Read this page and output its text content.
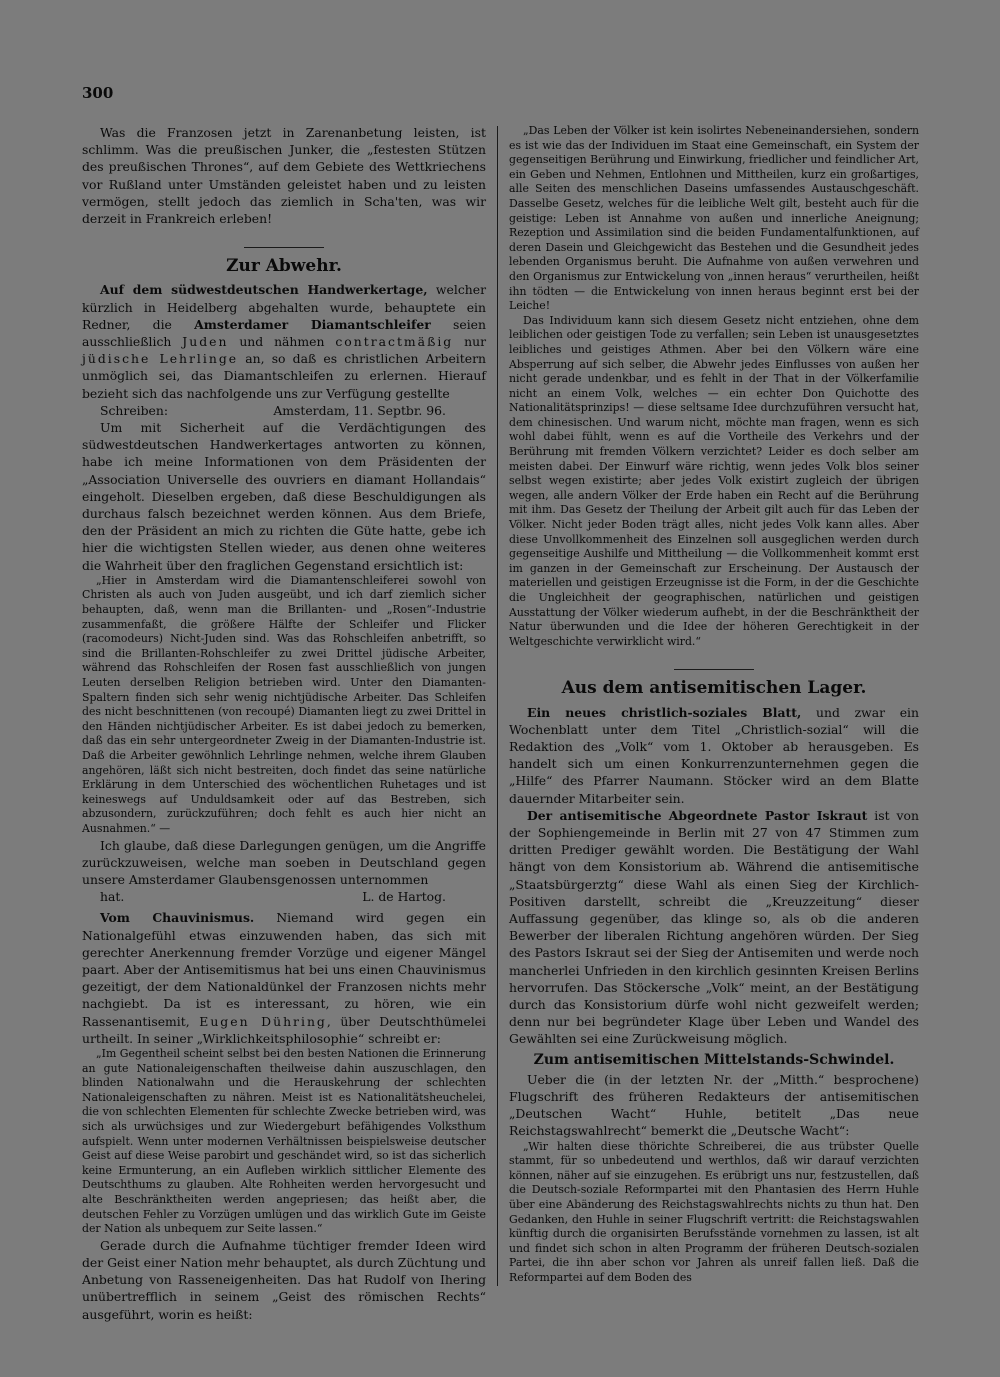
300

Was die Franzosen jetzt in Zarenanbetung leisten, ist schlimm. Was die preußischen Junker, die „festesten Stützen des preußischen Thrones“, auf dem Gebiete des Wettkriechens vor Rußland unter Umständen geleistet haben und zu leisten vermögen, stellt jedoch das ziemlich in Scha'ten, was wir derzeit in Frankreich erleben!

Zur Abwehr.

Auf dem südwestdeutschen Handwerkertage, welcher kürzlich in Heidelberg abgehalten wurde, behauptete ein Redner, die Amsterdamer Diamantschleifer seien ausschließlich Juden und nähmen contractmäßig nur jüdische Lehrlinge an, so daß es christlichen Arbeitern unmöglich sei, das Diamantschleifen zu erlernen. Hierauf bezieht sich das nachfolgende uns zur Verfügung gestellte

Schreiben:	Amsterdam, 11. Septbr. 96.

Um mit Sicherheit auf die Verdächtigungen des südwestdeutschen Handwerkertages antworten zu können, habe ich meine Informationen von dem Präsidenten der „Association Universelle des ouvriers en diamant Hollandais“ eingeholt. Dieselben ergeben, daß diese Beschuldigungen als durchaus falsch bezeichnet werden können. Aus dem Briefe, den der Präsident an mich zu richten die Güte hatte, gebe ich hier die wichtigsten Stellen wieder, aus denen ohne weiteres die Wahrheit über den fraglichen Gegenstand ersichtlich ist:

„Hier in Amsterdam wird die Diamantenschleiferei sowohl von Christen als auch von Juden ausgeübt, und ich darf ziemlich sicher behaupten, daß, wenn man die Brillanten- und „Rosen“-Industrie zusammenfaßt, die größere Hälfte der Schleifer und Flicker (racomodeurs) Nicht-Juden sind. Was das Rohschleifen anbetrifft, so sind die Brillanten-Rohschleifer zu zwei Drittel jüdische Arbeiter, während das Rohschleifen der Rosen fast ausschließlich von jungen Leuten derselben Religion betrieben wird. Unter den Diamanten-Spaltern finden sich sehr wenig nichtjüdische Arbeiter. Das Schleifen des nicht beschnittenen (von recoupé) Diamanten liegt zu zwei Drittel in den Händen nichtjüdischer Arbeiter. Es ist dabei jedoch zu bemerken, daß das ein sehr untergeordneter Zweig in der Diamanten-Industrie ist. Daß die Arbeiter gewöhnlich Lehrlinge nehmen, welche ihrem Glauben angehören, läßt sich nicht bestreiten, doch findet das seine natürliche Erklärung in dem Unterschied des wöchentlichen Ruhetages und ist keineswegs auf Unduldsamkeit oder auf das Bestreben, sich abzusondern, zurückzuführen; doch fehlt es auch hier nicht an Ausnahmen.“ —

Ich glaube, daß diese Darlegungen genügen, um die Angriffe zurückzuweisen, welche man soeben in Deutschland gegen unsere Amsterdamer Glaubensgenossen unternommen

hat.	L. de Hartog.

Vom Chauvinismus. Niemand wird gegen ein Nationalgefühl etwas einzuwenden haben, das sich mit gerechter Anerkennung fremder Vorzüge und eigener Mängel paart. Aber der Antisemitismus hat bei uns einen Chauvinismus gezeitigt, der dem Nationaldünkel der Franzosen nichts mehr nachgiebt. Da ist es interessant, zu hören, wie ein Rassenantisemit, Eugen Dühring, über Deutschthümelei urtheilt. In seiner „Wirklichkeitsphilosophie“ schreibt er:

„Im Gegentheil scheint selbst bei den besten Nationen die Erinnerung an gute Nationaleigenschaften theilweise dahin auszuschlagen, den blinden Nationalwahn und die Herauskehrung der schlechten Nationaleigenschaften zu nähren. Meist ist es Nationalitätsheuchelei, die von schlechten Elementen für schlechte Zwecke betrieben wird, was sich als urwüchsiges und zur Wiedergeburt befähigendes Volksthum aufspielt. Wenn unter modernen Verhältnissen beispielsweise deutscher Geist auf diese Weise parobirt und geschändet wird, so ist das sicherlich keine Ermunterung, an ein Aufleben wirklich sittlicher Elemente des Deutschthums zu glauben. Alte Rohheiten werden hervorgesucht und alte Beschränktheiten werden angepriesen; das heißt aber, die deutschen Fehler zu Vorzügen umlügen und das wirklich Gute im Geiste der Nation als unbequem zur Seite lassen.“

Gerade durch die Aufnahme tüchtiger fremder Ideen wird der Geist einer Nation mehr behauptet, als durch Züchtung und Anbetung von Rasseneigenheiten. Das hat Rudolf von Ihering unübertrefflich in seinem „Geist des römischen Rechts“ ausgeführt, worin es heißt:

„Das Leben der Völker ist kein isolirtes Nebeneinandersiehen, sondern es ist wie das der Individuen im Staat eine Gemeinschaft, ein System der gegenseitigen Berührung und Einwirkung, friedlicher und feindlicher Art, ein Geben und Nehmen, Entlohnen und Mittheilen, kurz ein großartiges, alle Seiten des menschlichen Daseins umfassendes Austauschgeschäft. Dasselbe Gesetz, welches für die leibliche Welt gilt, besteht auch für die geistige: Leben ist Annahme von außen und innerliche Aneignung; Rezeption und Assimilation sind die beiden Fundamentalfunktionen, auf deren Dasein und Gleichgewicht das Bestehen und die Gesundheit jedes lebenden Organismus beruht. Die Aufnahme von außen verwehren und den Organismus zur Entwickelung von „innen heraus“ verurtheilen, heißt ihn tödten — die Entwickelung von innen heraus beginnt erst bei der Leiche!

Das Individuum kann sich diesem Gesetz nicht entziehen, ohne dem leiblichen oder geistigen Tode zu verfallen; sein Leben ist unausgesetztes leibliches und geistiges Athmen. Aber bei den Völkern wäre eine Absperrung auf sich selber, die Abwehr jedes Einflusses von außen her nicht gerade undenkbar, und es fehlt in der That in der Völkerfamilie nicht an einem Volk, welches — ein echter Don Quichotte des Nationalitätsprinzips! — diese seltsame Idee durchzuführen versucht hat, dem chinesischen. Und warum nicht, möchte man fragen, wenn es sich wohl dabei fühlt, wenn es auf die Vortheile des Verkehrs und der Berührung mit fremden Völkern verzichtet? Leider es doch selber am meisten dabei. Der Einwurf wäre richtig, wenn jedes Volk blos seiner selbst wegen existirte; aber jedes Volk existirt zugleich der übrigen wegen, alle andern Völker der Erde haben ein Recht auf die Berührung mit ihm. Das Gesetz der Theilung der Arbeit gilt auch für das Leben der Völker. Nicht jeder Boden trägt alles, nicht jedes Volk kann alles. Aber diese Unvollkommenheit des Einzelnen soll ausgeglichen werden durch gegenseitige Aushilfe und Mittheilung — die Vollkommenheit kommt erst im ganzen in der Gemeinschaft zur Erscheinung. Der Austausch der materiellen und geistigen Erzeugnisse ist die Form, in der die Geschichte die Ungleichheit der geographischen, natürlichen und geistigen Ausstattung der Völker wiederum aufhebt, in der die Beschränktheit der Natur überwunden und die Idee der höheren Gerechtigkeit in der Weltgeschichte verwirklicht wird.“

Aus dem antisemitischen Lager.

Ein neues christlich-soziales Blatt, und zwar ein Wochenblatt unter dem Titel „Christlich-sozial“ will die Redaktion des „Volk“ vom 1. Oktober ab herausgeben. Es handelt sich um einen Konkurrenzunternehmen gegen die „Hilfe“ des Pfarrer Naumann. Stöcker wird an dem Blatte dauernder Mitarbeiter sein.

Der antisemitische Abgeordnete Pastor Iskraut ist von der Sophiengemeinde in Berlin mit 27 von 47 Stimmen zum dritten Prediger gewählt worden. Die Bestätigung der Wahl hängt von dem Konsistorium ab. Während die antisemitische „Staatsbürgerztg“ diese Wahl als einen Sieg der Kirchlich-Positiven darstellt, schreibt die „Kreuzzeitung“ dieser Auffassung gegenüber, das klinge so, als ob die anderen Bewerber der liberalen Richtung angehören würden. Der Sieg des Pastors Iskraut sei der Sieg der Antisemiten und werde noch mancherlei Unfrieden in den kirchlich gesinnten Kreisen Berlins hervorrufen. Das Stöckersche „Volk“ meint, an der Bestätigung durch das Konsistorium dürfe wohl nicht gezweifelt werden; denn nur bei begründeter Klage über Leben und Wandel des Gewählten sei eine Zurückweisung möglich.

Zum antisemitischen Mittelstands-Schwindel.

Ueber die (in der letzten Nr. der „Mitth.“ besprochene) Flugschrift des früheren Redakteurs der antisemitischen „Deutschen Wacht“ Huhle, betitelt „Das neue Reichstagswahlrecht“ bemerkt die „Deutsche Wacht“:

„Wir halten diese thörichte Schreiberei, die aus trübster Quelle stammt, für so unbedeutend und werthlos, daß wir darauf verzichten können, näher auf sie einzugehen. Es erübrigt uns nur, festzustellen, daß die Deutsch-soziale Reformpartei mit den Phantasien des Herrn Huhle über eine Abänderung des Reichstagswahlrechts nichts zu thun hat. Den Gedanken, den Huhle in seiner Flugschrift vertritt: die Reichstagswahlen künftig durch die organisirten Berufsstände vornehmen zu lassen, ist alt und findet sich schon in alten Programm der früheren Deutsch-sozialen Partei, die ihn aber schon vor Jahren als unreif fallen ließ. Daß die Reformpartei auf dem Boden des
